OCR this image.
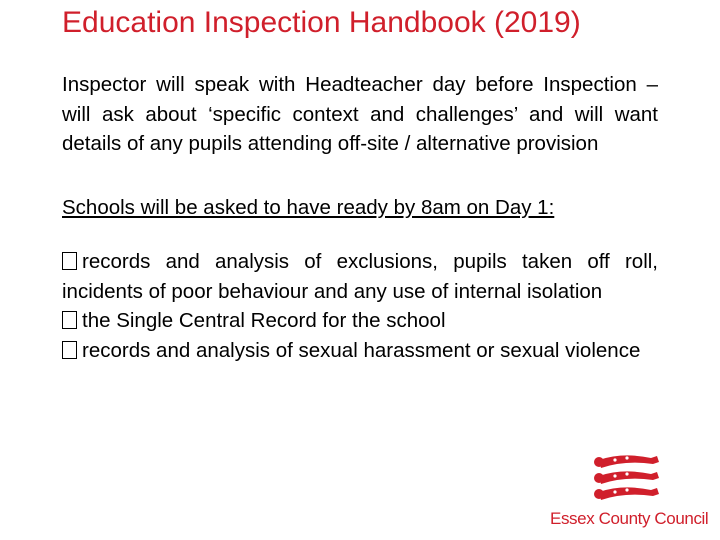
Education Inspection Handbook (2019)

Inspector will speak with Headteacher day before Inspection – will ask about ‘specific context and challenges’ and will want details of any pupils attending off-site / alternative provision

Schools will be asked to have ready by 8am on Day 1:

records and analysis of exclusions, pupils taken off roll, incidents of poor behaviour and any use of internal isolation

the Single Central Record for the school

records and analysis of sexual harassment or sexual violence

Essex County Council
